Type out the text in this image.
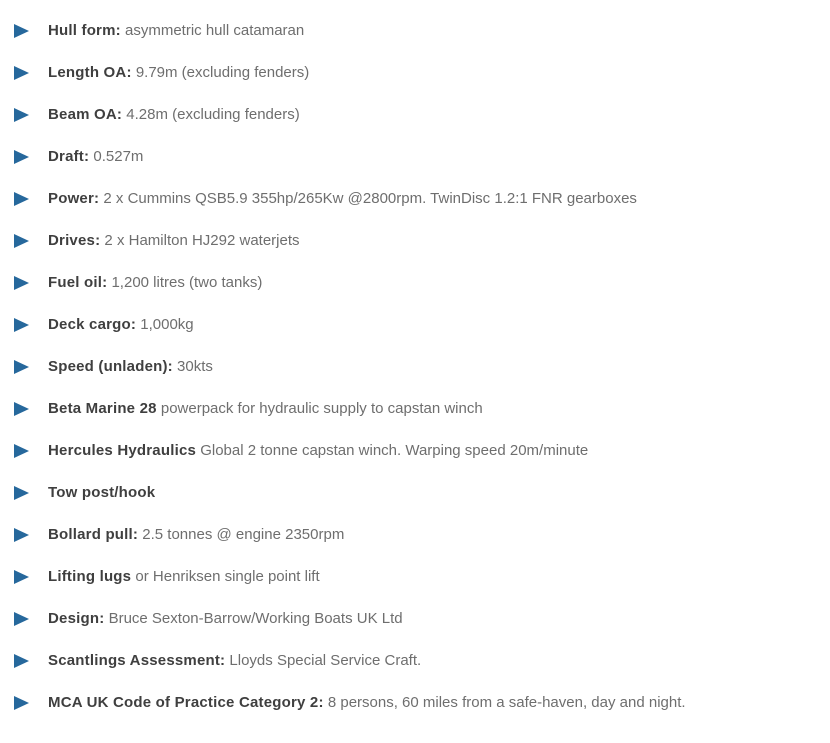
Hull form: asymmetric hull catamaran
Length OA: 9.79m (excluding fenders)
Beam OA: 4.28m (excluding fenders)
Draft: 0.527m
Power: 2 x Cummins QSB5.9 355hp/265Kw @2800rpm. TwinDisc 1.2:1 FNR gearboxes
Drives: 2 x Hamilton HJ292 waterjets
Fuel oil: 1,200 litres (two tanks)
Deck cargo: 1,000kg
Speed (unladen): 30kts
Beta Marine 28 powerpack for hydraulic supply to capstan winch
Hercules Hydraulics Global 2 tonne capstan winch. Warping speed 20m/minute
Tow post/hook
Bollard pull: 2.5 tonnes @ engine 2350rpm
Lifting lugs or Henriksen single point lift
Design: Bruce Sexton-Barrow/Working Boats UK Ltd
Scantlings Assessment: Lloyds Special Service Craft.
MCA UK Code of Practice Category 2: 8 persons, 60 miles from a safe-haven, day and night.
